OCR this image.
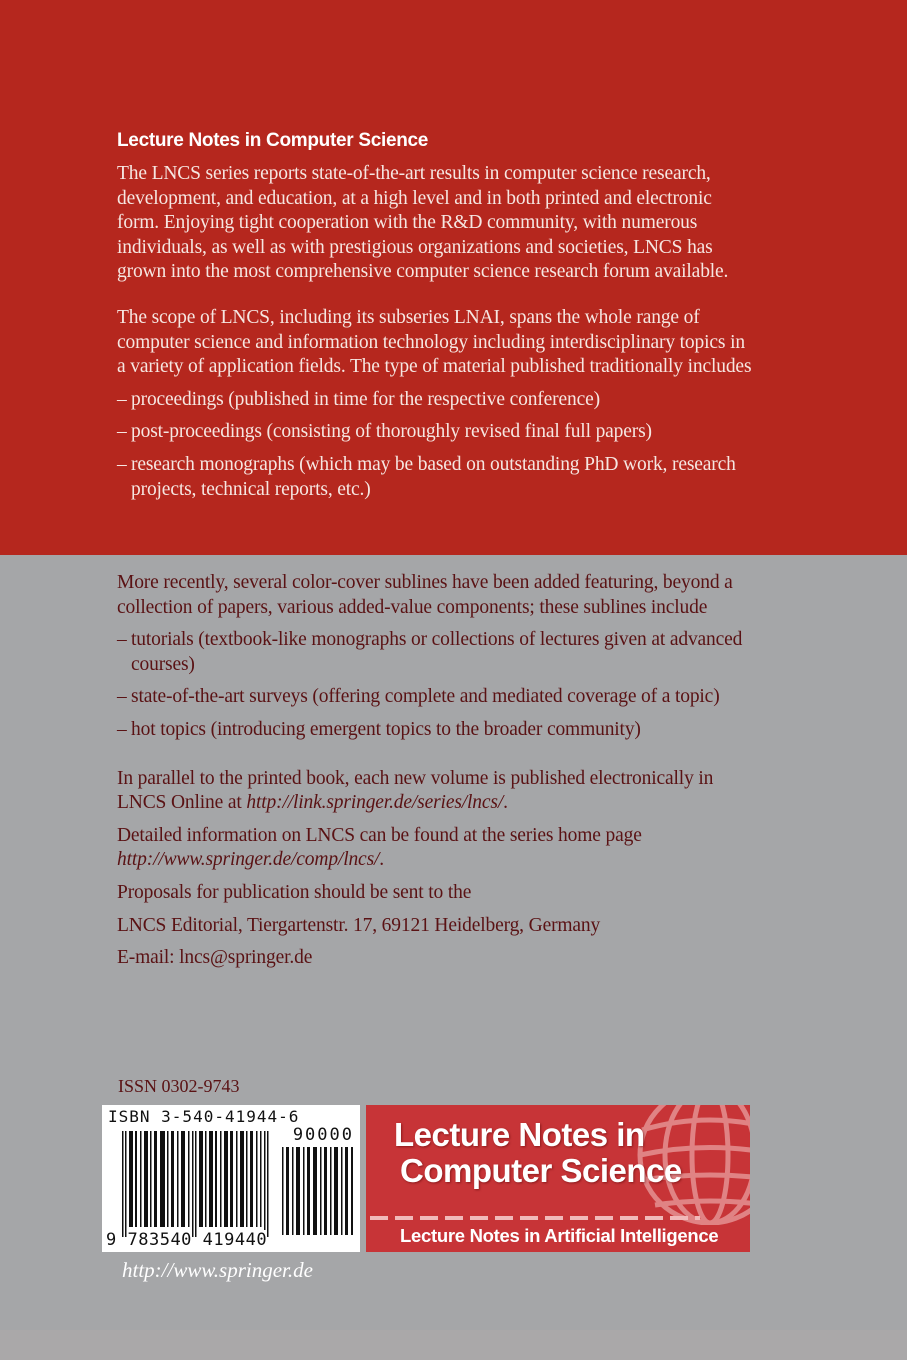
Lecture Notes in Computer Science

The LNCS series reports state-of-the-art results in computer science research, development, and education, at a high level and in both printed and electronic form. Enjoying tight cooperation with the R&D community, with numerous individuals, as well as with prestigious organizations and societies, LNCS has grown into the most comprehensive computer science research forum available.

The scope of LNCS, including its subseries LNAI, spans the whole range of computer science and information technology including interdisciplinary topics in a variety of application fields. The type of material published traditionally includes

– proceedings (published in time for the respective conference)
– post-proceedings (consisting of thoroughly revised final full papers)
– research monographs (which may be based on outstanding PhD work, research projects, technical reports, etc.)

More recently, several color-cover sublines have been added featuring, beyond a collection of papers, various added-value components; these sublines include

– tutorials (textbook-like monographs or collections of lectures given at advanced courses)
– state-of-the-art surveys (offering complete and mediated coverage of a topic)
– hot topics (introducing emergent topics to the broader community)

In parallel to the printed book, each new volume is published electronically in LNCS Online at http://link.springer.de/series/lncs/.

Detailed information on LNCS can be found at the series home page http://www.springer.de/comp/lncs/.

Proposals for publication should be sent to the

LNCS Editorial, Tiergartenstr. 17, 69121 Heidelberg, Germany

E-mail: lncs@springer.de

ISSN 0302-9743
ISBN 3-540-41944-6
90000
9 783540 419440
Lecture Notes in
Computer Science
Lecture Notes in Artificial Intelligence
http://www.springer.de
